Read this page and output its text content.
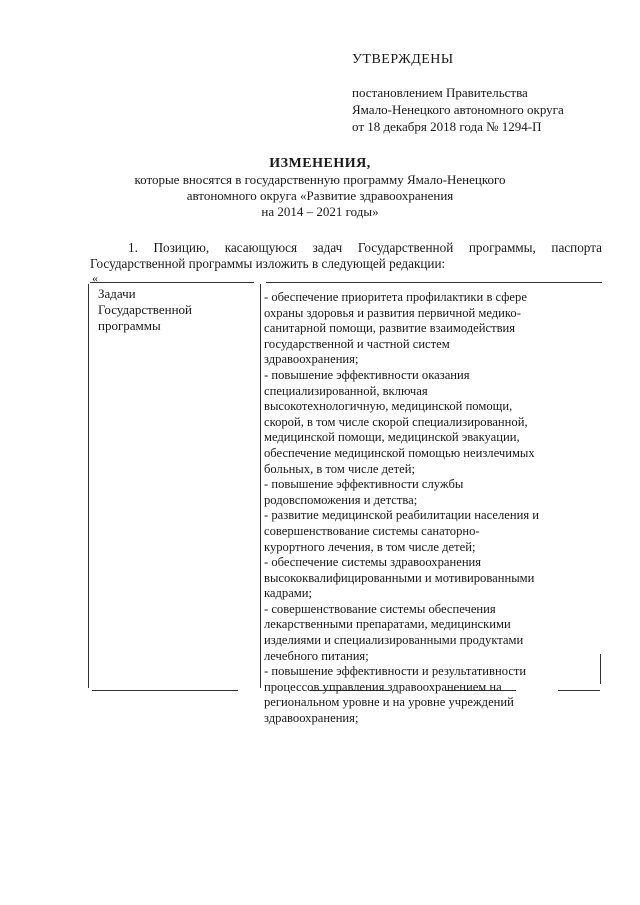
УТВЕРЖДЕНЫ
постановлением Правительства
Ямало-Ненецкого автономного округа
от 18 декабря 2018 года № 1294-П
ИЗМЕНЕНИЯ,
которые вносятся в государственную программу Ямало-Ненецкого
автономного округа «Развитие здравоохранения
на 2014 – 2021 годы»
1. Позицию, касающуюся задач Государственной программы, паспорта
Государственной программы изложить в следующей редакции:
«
Задачи
Государственной
программы
- обеспечение приоритета профилактики в сфере
охраны здоровья и развития первичной медико-
санитарной помощи, развитие взаимодействия
государственной и частной систем
здравоохранения;
- повышение эффективности оказания
специализированной, включая
высокотехнологичную, медицинской помощи,
скорой, в том числе скорой специализированной,
медицинской помощи, медицинской эвакуации,
обеспечение медицинской помощью неизлечимых
больных, в том числе детей;
- повышение эффективности службы
родовспоможения и детства;
- развитие медицинской реабилитации населения и
совершенствование системы санаторно-
курортного лечения, в том числе детей;
- обеспечение системы здравоохранения
высококвалифицированными и мотивированными
кадрами;
- совершенствование системы обеспечения
лекарственными препаратами, медицинскими
изделиями и специализированными продуктами
лечебного питания;
- повышение эффективности и результативности
процессов управления здравоохранением на
региональном уровне и на уровне учреждений
здравоохранения;
